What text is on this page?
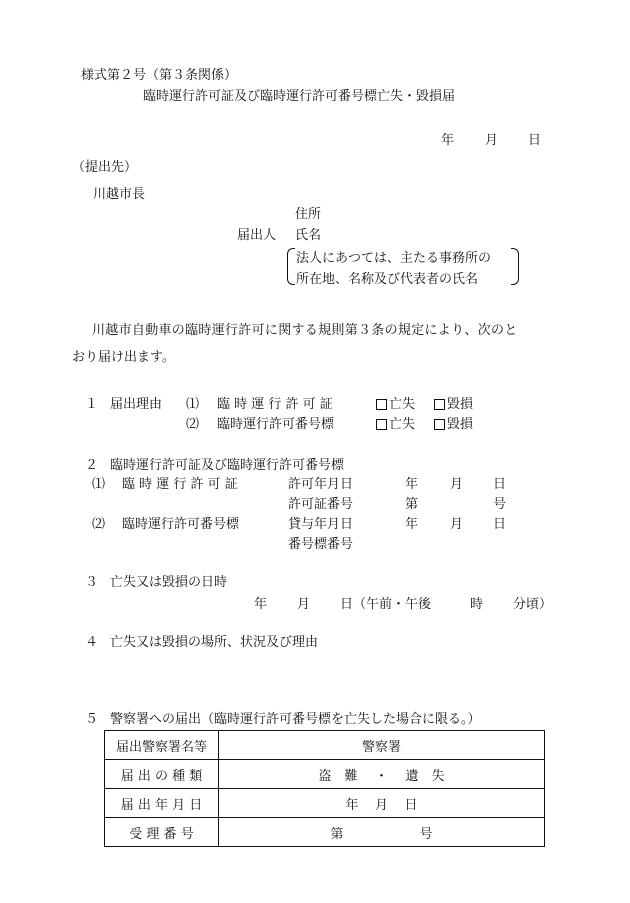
様式第２号（第３条関係）
臨時運行許可証及び臨時運行許可番号標亡失・毀損届
年 月 日
（提出先）
川越市長
住所
届出人 氏名
法人にあつては、主たる事務所の
所在地、名称及び代表者の氏名
川越市自動車の臨時運行許可に関する規則第３条の規定により、次のと
おり届け出ます。
１ 届出理由 ⑴ 臨 時 運 行 許 可 証	亡失 毀損
⑵ 臨時運行許可番号標	亡失 毀損
２ 臨時運行許可証及び臨時運行許可番号標
⑴ 臨 時 運 行 許 可 証	許可年月日	年 月 日
許可証番号	第	号
⑵ 臨時運行許可番号標	貸与年月日	年 月 日
番号標番号
３ 亡失又は毀損の日時
年 月 日（午前・午後	時 分頃）
４ 亡失又は毀損の場所、状況及び理由
５ 警察署への届出（臨時運行許可番号標を亡失した場合に限る。）
届出警察署名等	警察署
届 出 の 種 類	盗　難 ・ 遺　失
届 出 年 月 日	年 月 日
受 理 番 号	第 号
